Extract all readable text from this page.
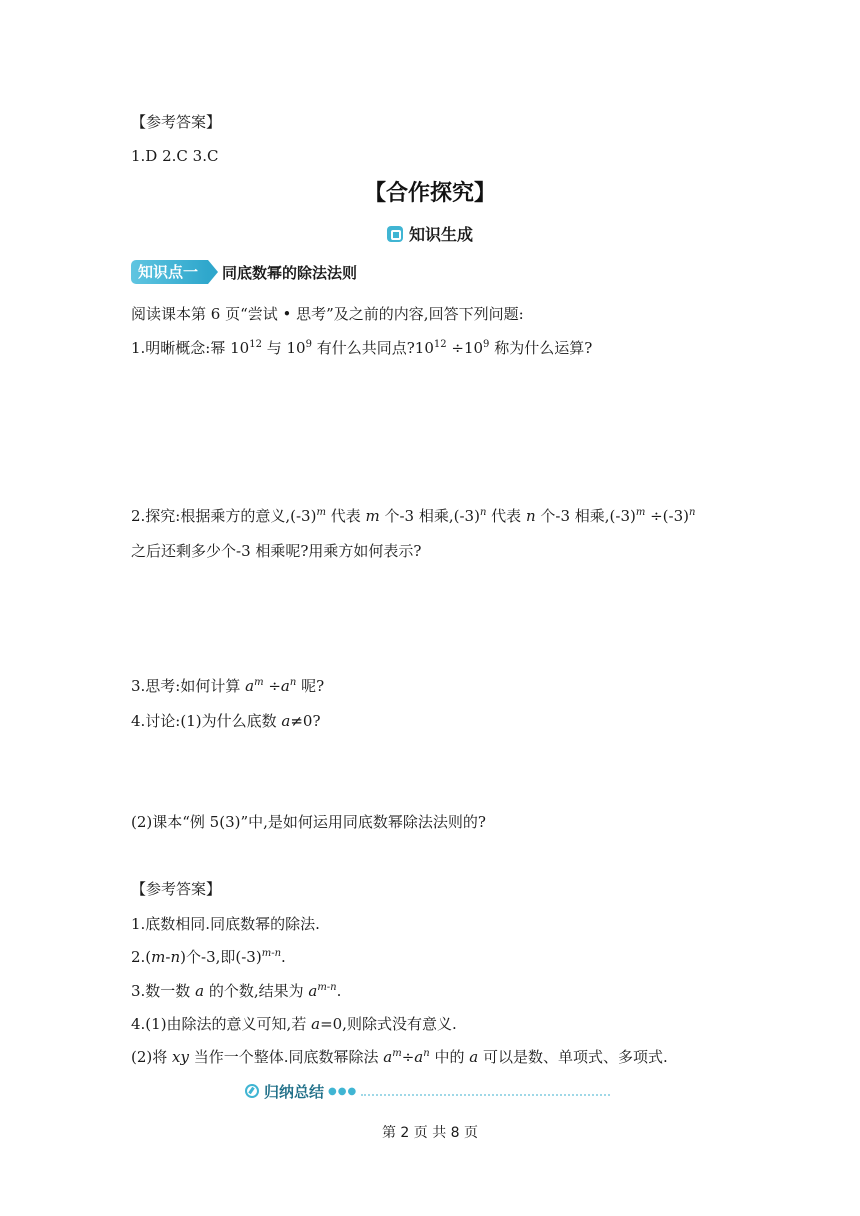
【参考答案】
1.D 2.C 3.C
【合作探究】
知识生成
知识点一	同底数幂的除法法则
阅读课本第 6 页“尝试 • 思考”及之前的内容,回答下列问题:
1.明晰概念:幂 $10^{12}$ 与 $10^9$ 有什么共同点$?10^{12} \div 10^9$ 称为什么运算?
2.探究:根据乘方的意义$,(-3)^m$ 代表 m 个-3 相乘$,(-3)^n$ 代表 n 个-3 相乘$,(-3)^m \div(-3)^n$
之后还剩多少个-3 相乘呢?用乘方如何表示?
3.思考:如何计算 $a^m \div a^n$ 呢?
4.讨论:(1)为什么底数 a≠0?
(2)课本“例 5(3)”中,是如何运用同底数幂除法法则的?
【参考答案】
1.底数相同.同底数幂的除法.
2.(m-n)个-3,即$(-3)^{m-n}$.
3.数一数 a 的个数,结果为 $a^{m-n}$.
4.(1)由除法的意义可知,若 a=0,则除式没有意义.
(2)将 xy 当作一个整体.同底数幂除法 $a^m\div a^n$ 中的 a 可以是数、单项式、多项式.
归纳总结 ●●●
第 2 页 共 8 页
